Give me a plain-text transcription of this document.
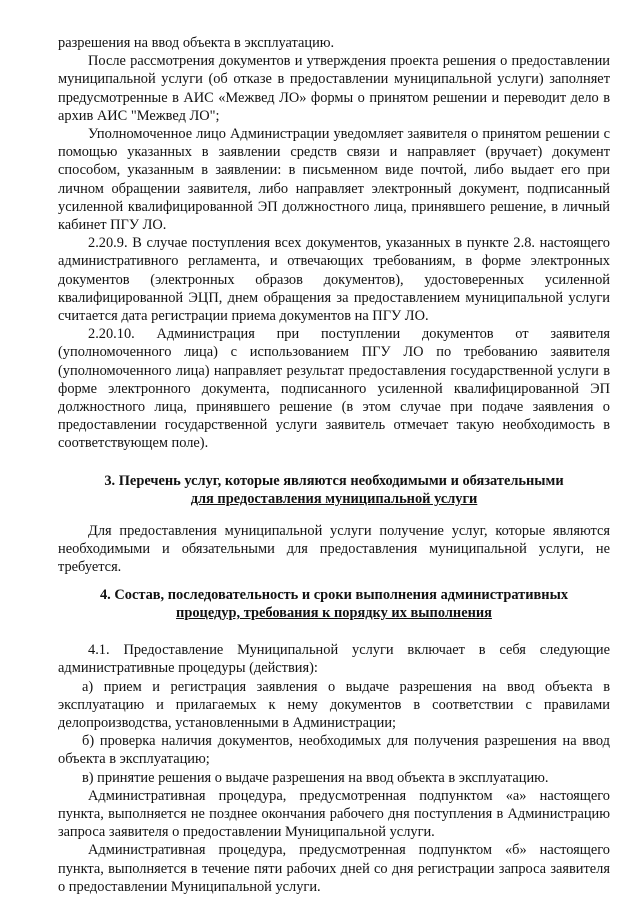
разрешения на ввод объекта в эксплуатацию.

После рассмотрения документов и утверждения проекта решения о предоставлении муниципальной услуги (об отказе в предоставлении муниципальной услуги) заполняет предусмотренные в АИС «Межвед ЛО» формы о принятом решении и переводит дело в архив АИС "Межвед ЛО";

Уполномоченное лицо Администрации уведомляет заявителя о принятом решении с помощью указанных в заявлении средств связи и направляет (вручает) документ способом, указанным в заявлении: в письменном виде почтой, либо выдает его при личном обращении заявителя, либо направляет электронный документ, подписанный усиленной квалифицированной ЭП должностного лица, принявшего решение, в личный кабинет ПГУ ЛО.

2.20.9. В случае поступления всех документов, указанных в пункте 2.8. настоящего административного регламента, и отвечающих требованиям, в форме электронных документов (электронных образов документов), удостоверенных усиленной квалифицированной ЭЦП, днем обращения за предоставлением муниципальной услуги считается дата регистрации приема документов на ПГУ ЛО.

2.20.10. Администрация при поступлении документов от заявителя (уполномоченного лица) с использованием ПГУ ЛО по требованию заявителя (уполномоченного лица) направляет результат предоставления государственной услуги в форме электронного документа, подписанного усиленной квалифицированной ЭП должностного лица, принявшего решение (в этом случае при подаче заявления о предоставлении государственной услуги заявитель отмечает такую необходимость в соответствующем поле).

3. Перечень услуг, которые являются необходимыми и обязательными
для предоставления муниципальной услуги

Для предоставления муниципальной услуги получение услуг, которые являются необходимыми и обязательными для предоставления муниципальной услуги, не требуется.

4. Состав, последовательность и сроки выполнения административных
процедур, требования к порядку их выполнения

4.1. Предоставление Муниципальной услуги включает в себя следующие административные процедуры (действия):

а) прием и регистрация заявления о выдаче разрешения на ввод объекта в эксплуатацию и прилагаемых к нему документов в соответствии с правилами делопроизводства, установленными в Администрации;

б) проверка наличия документов, необходимых для получения разрешения на ввод объекта в эксплуатацию;

в) принятие решения о выдаче разрешения на ввод объекта в эксплуатацию.

Административная процедура, предусмотренная подпунктом «а» настоящего пункта, выполняется не позднее окончания рабочего дня поступления в Администрацию запроса заявителя о предоставлении Муниципальной услуги.

Административная процедура, предусмотренная подпунктом «б» настоящего пункта, выполняется в течение пяти рабочих дней со дня регистрации запроса заявителя о предоставлении Муниципальной услуги.
